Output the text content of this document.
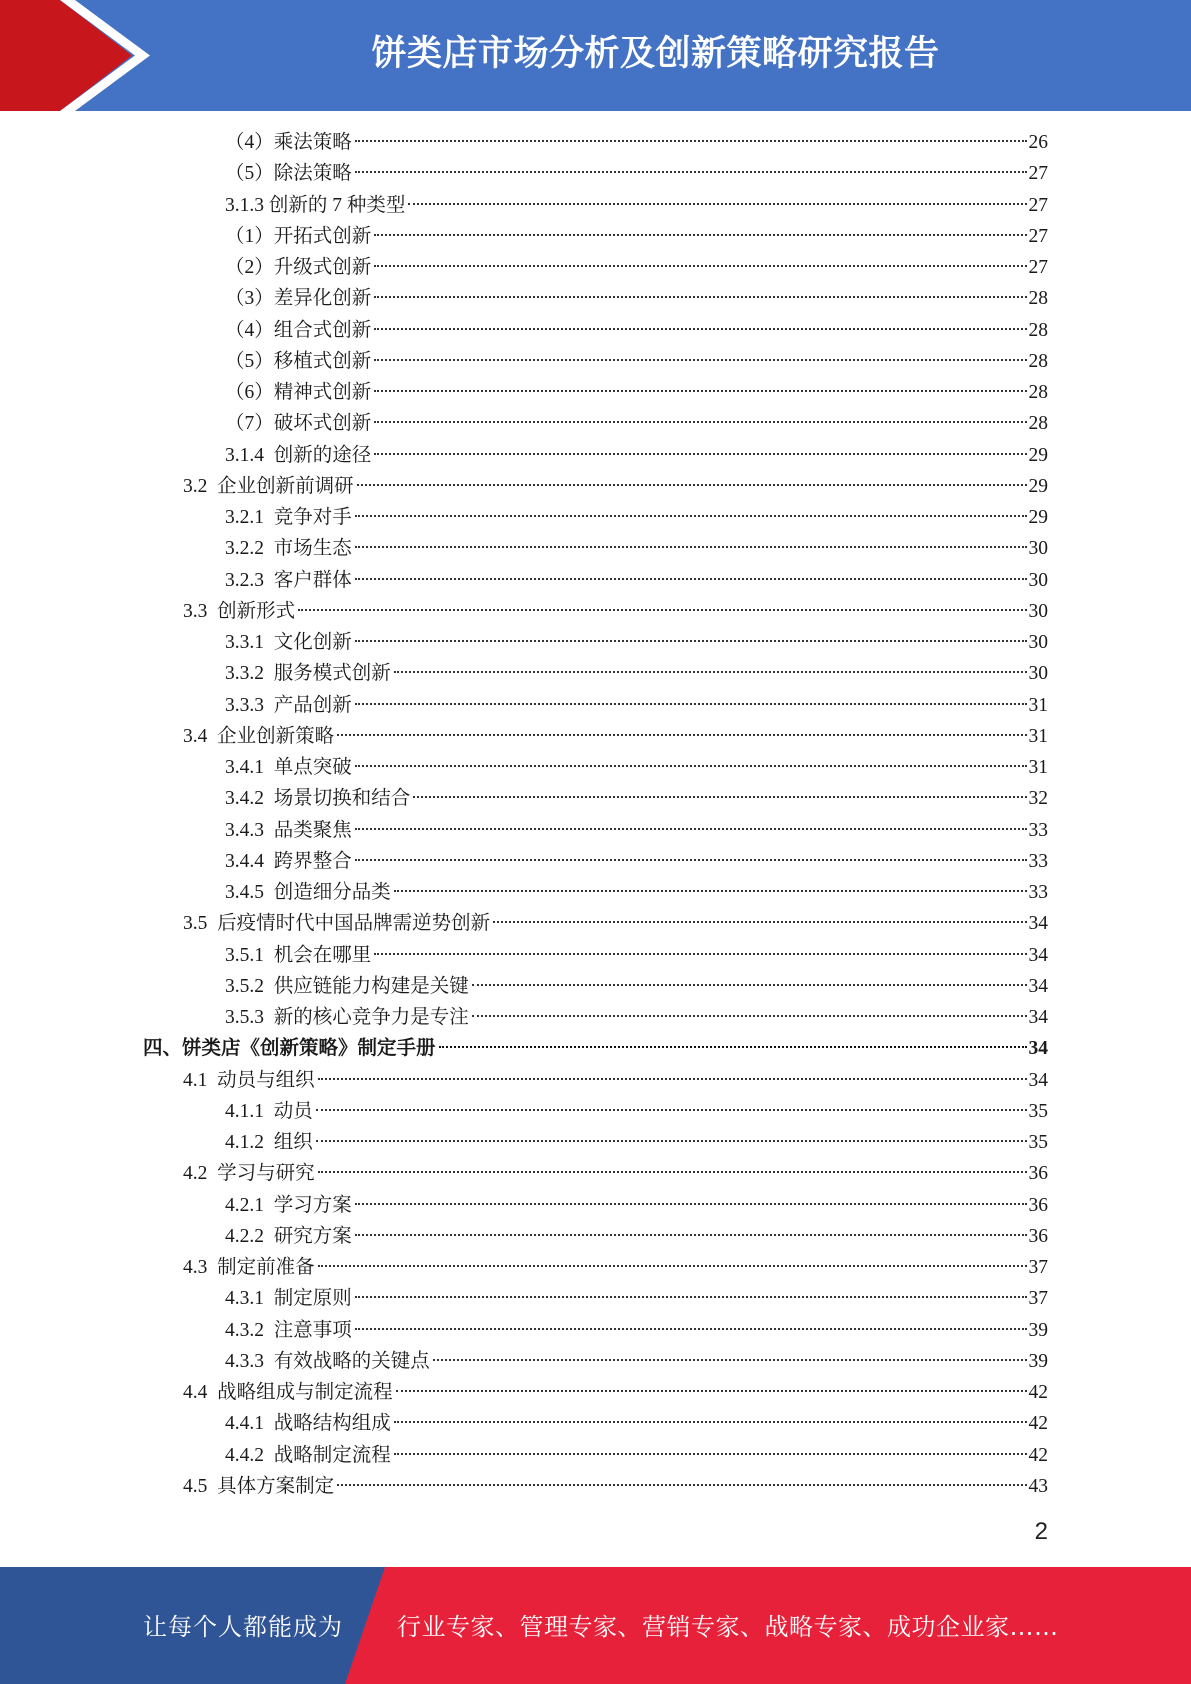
饼类店市场分析及创新策略研究报告
（4）乘法策略	26
（5）除法策略	27
3.1.3 创新的 7 种类型	27
（1）开拓式创新	27
（2）升级式创新	27
（3）差异化创新	28
（4）组合式创新	28
（5）移植式创新	28
（6）精神式创新	28
（7）破坏式创新	28
3.1.4  创新的途径	29
3.2  企业创新前调研	29
3.2.1  竞争对手	29
3.2.2  市场生态	30
3.2.3  客户群体	30
3.3  创新形式	30
3.3.1  文化创新	30
3.3.2  服务模式创新	30
3.3.3  产品创新	31
3.4  企业创新策略	31
3.4.1  单点突破	31
3.4.2  场景切换和结合	32
3.4.3  品类聚焦	33
3.4.4  跨界整合	33
3.4.5  创造细分品类	33
3.5  后疫情时代中国品牌需逆势创新	34
3.5.1  机会在哪里	34
3.5.2  供应链能力构建是关键	34
3.5.3  新的核心竞争力是专注	34
四、饼类店《创新策略》制定手册	34
4.1  动员与组织	34
4.1.1  动员	35
4.1.2  组织	35
4.2  学习与研究	36
4.2.1  学习方案	36
4.2.2  研究方案	36
4.3  制定前准备	37
4.3.1  制定原则	37
4.3.2  注意事项	39
4.3.3  有效战略的关键点	39
4.4  战略组成与制定流程	42
4.4.1  战略结构组成	42
4.4.2  战略制定流程	42
4.5  具体方案制定	43
2
让每个人都能成为 行业专家、管理专家、营销专家、战略专家、成功企业家……
